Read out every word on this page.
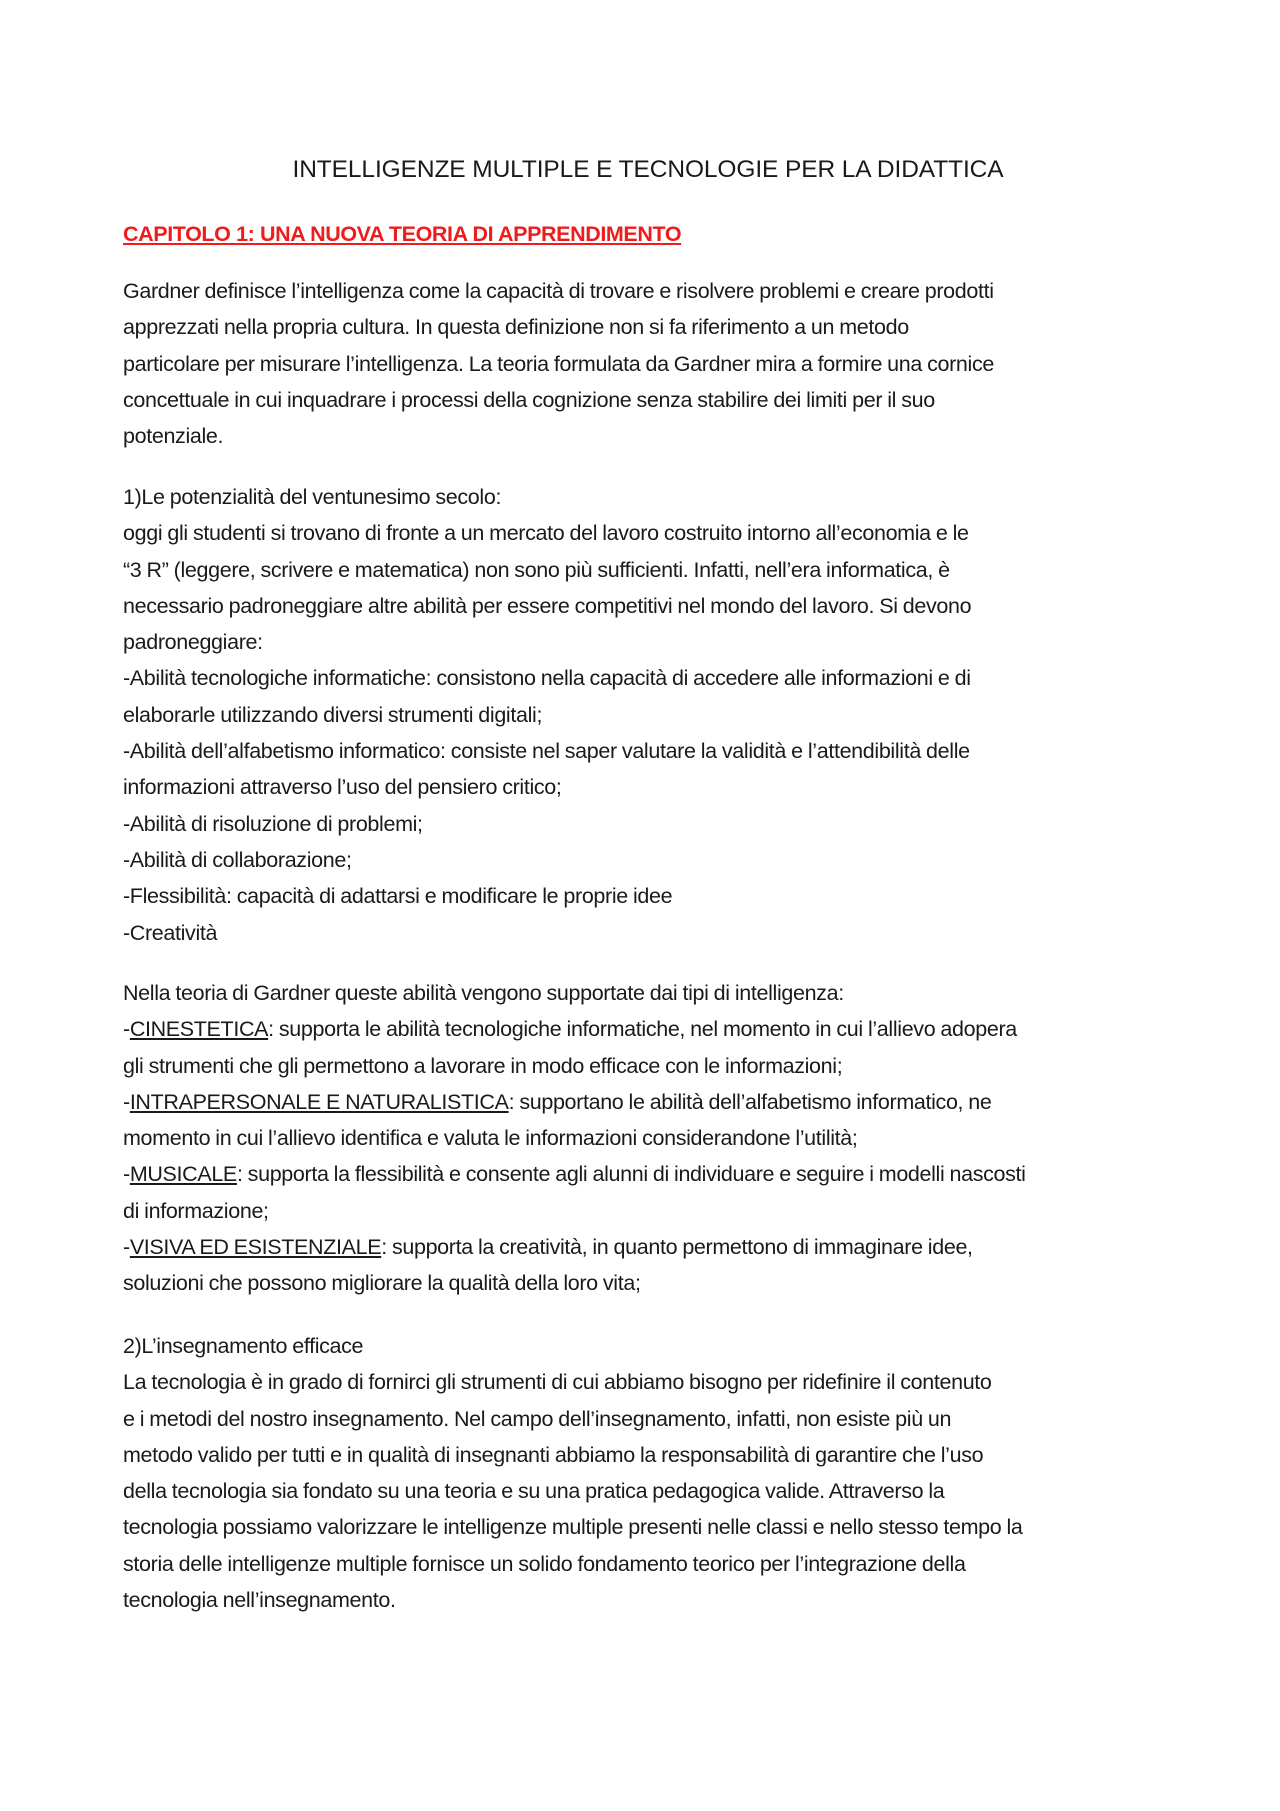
INTELLIGENZE MULTIPLE E TECNOLOGIE PER LA DIDATTICA
CAPITOLO 1: UNA NUOVA TEORIA DI APPRENDIMENTO
Gardner definisce l’intelligenza come la capacità di trovare e risolvere problemi e creare prodotti
apprezzati nella propria cultura. In questa definizione non si fa riferimento a un metodo
particolare per misurare l’intelligenza. La teoria formulata da Gardner mira a formire una cornice
concettuale in cui inquadrare i processi della cognizione senza stabilire dei limiti per il suo
potenziale.
1)Le potenzialità del ventunesimo secolo:
oggi gli studenti si trovano di fronte a un mercato del lavoro costruito intorno all’economia e le
“3 R” (leggere, scrivere e matematica) non sono più sufficienti. Infatti, nell’era informatica, è
necessario padroneggiare altre abilità per essere competitivi nel mondo del lavoro. Si devono
padroneggiare:
-Abilità tecnologiche informatiche: consistono nella capacità di accedere alle informazioni e di
elaborarle utilizzando diversi strumenti digitali;
-Abilità dell’alfabetismo informatico: consiste nel saper valutare la validità e l’attendibilità delle
informazioni attraverso l’uso del pensiero critico;
-Abilità di risoluzione di problemi;
-Abilità di collaborazione;
-Flessibilità: capacità di adattarsi e modificare le proprie idee
-Creatività
Nella teoria di Gardner queste abilità vengono supportate dai tipi di intelligenza:
-CINESTETICA: supporta le abilità tecnologiche informatiche, nel momento in cui l’allievo adopera
gli strumenti che gli permettono a lavorare in modo efficace con le informazioni;
-INTRAPERSONALE E NATURALISTICA: supportano le abilità dell’alfabetismo informatico, ne
momento in cui l’allievo identifica e valuta le informazioni considerandone l’utilità;
-MUSICALE: supporta la flessibilità e consente agli alunni di individuare e seguire i modelli nascosti
di informazione;
-VISIVA ED ESISTENZIALE: supporta la creatività, in quanto permettono di immaginare idee,
soluzioni che possono migliorare la qualità della loro vita;
2)L’insegnamento efficace
La tecnologia è in grado di fornirci gli strumenti di cui abbiamo bisogno per ridefinire il contenuto
e i metodi del nostro insegnamento. Nel campo dell’insegnamento, infatti, non esiste più un
metodo valido per tutti e in qualità di insegnanti abbiamo la responsabilità di garantire che l’uso
della tecnologia sia fondato su una teoria e su una pratica pedagogica valide. Attraverso la
tecnologia possiamo valorizzare le intelligenze multiple presenti nelle classi e nello stesso tempo la
storia delle intelligenze multiple fornisce un solido fondamento teorico per l’integrazione della
tecnologia nell’insegnamento.
